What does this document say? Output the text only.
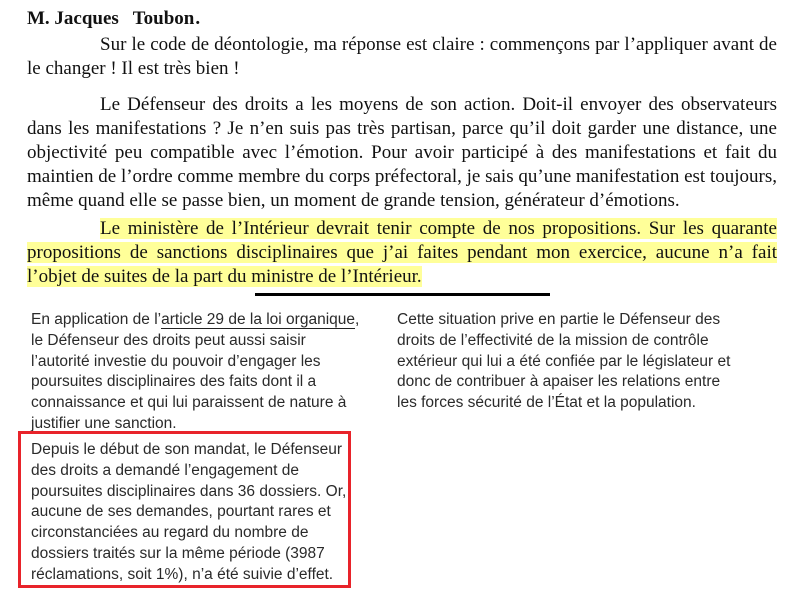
M. Jacques   Toubon.

Sur le code de déontologie, ma réponse est claire : commençons par l’appliquer avant de le changer ! Il est très bien !

Le Défenseur des droits a les moyens de son action. Doit-il envoyer des observateurs dans les manifestations ? Je n’en suis pas très partisan, parce qu’il doit garder une distance, une objectivité peu compatible avec l’émotion. Pour avoir participé à des manifestations et fait du maintien de l’ordre comme membre du corps préfectoral, je sais qu’une manifestation est toujours, même quand elle se passe bien, un moment de grande tension, générateur d’émotions.

Le ministère de l’Intérieur devrait tenir compte de nos propositions. Sur les quarante propositions de sanctions disciplinaires que j’ai faites pendant mon exercice, aucune n’a fait l’objet de suites de la part du ministre de l’Intérieur.

En application de l’article 29 de la loi organique, le Défenseur des droits peut aussi saisir l’autorité investie du pouvoir d’engager les poursuites disciplinaires des faits dont il a connaissance et qui lui paraissent de nature à justifier une sanction.

Depuis le début de son mandat, le Défenseur des droits a demandé l’engagement de poursuites disciplinaires dans 36 dossiers. Or, aucune de ses demandes, pourtant rares et circonstanciées au regard du nombre de dossiers traités sur la même période (3987 réclamations, soit 1%), n’a été suivie d’effet.

Cette situation prive en partie le Défenseur des droits de l’effectivité de la mission de contrôle extérieur qui lui a été confiée par le législateur et donc de contribuer à apaiser les relations entre les forces sécurité de l’État et la population.
